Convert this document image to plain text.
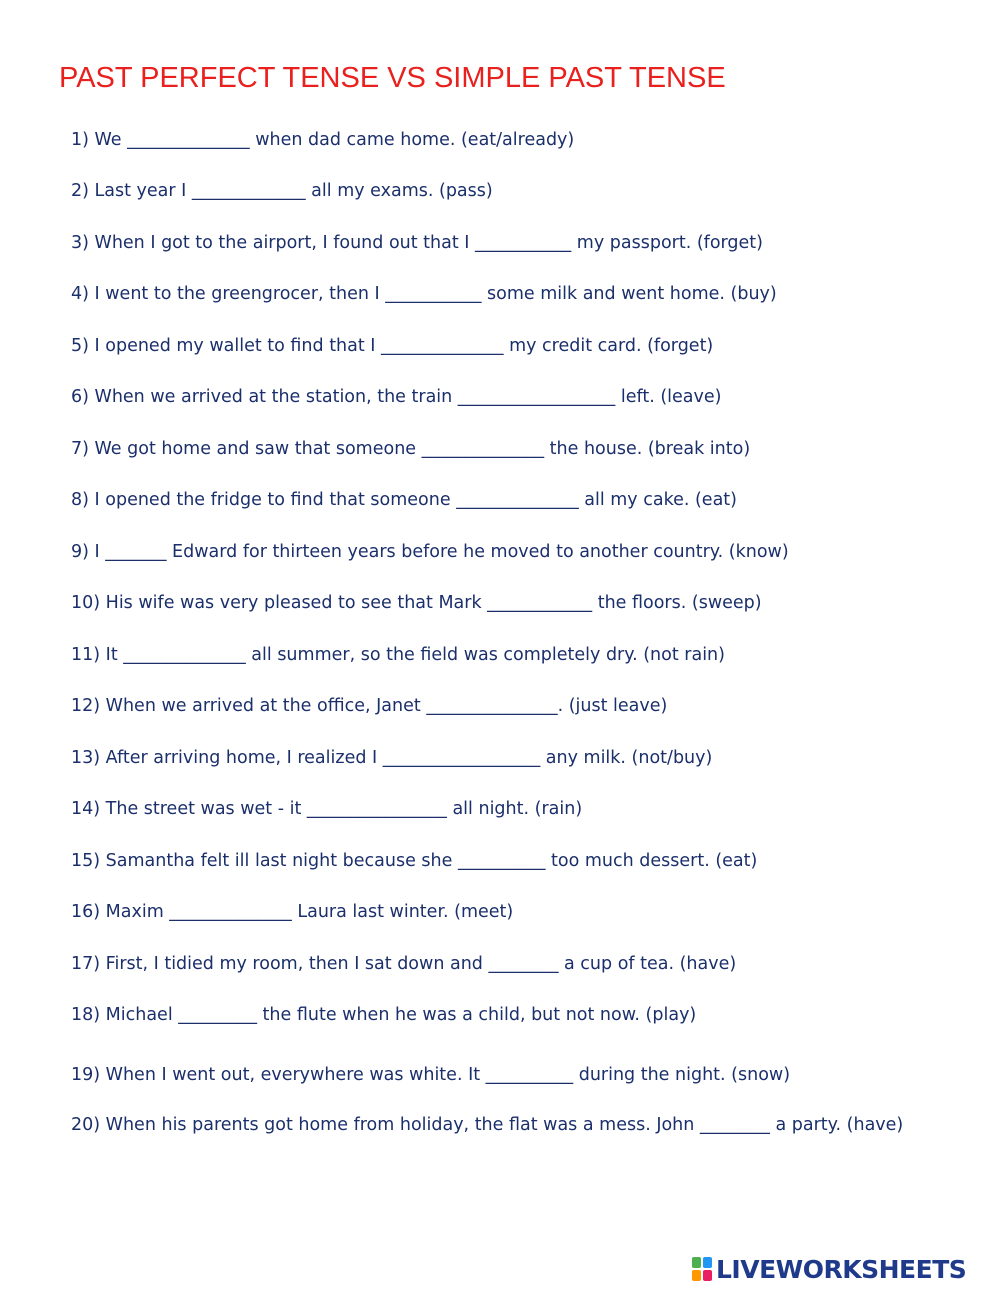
PAST PERFECT TENSE VS SIMPLE PAST TENSE

1) We ______________ when dad came home. (eat/already)

2) Last year I _____________ all my exams. (pass)

3) When I got to the airport, I found out that I ___________ my passport. (forget)

4) I went to the greengrocer, then I ___________ some milk and went home. (buy)

5) I opened my wallet to find that I ______________ my credit card. (forget)

6) When we arrived at the station, the train __________________ left. (leave)

7) We got home and saw that someone ______________ the house. (break into)

8) I opened the fridge to find that someone ______________ all my cake. (eat)

9) I _______ Edward for thirteen years before he moved to another country. (know)

10) His wife was very pleased to see that Mark ____________ the floors. (sweep)

11) It ______________ all summer, so the field was completely dry. (not rain)

12) When we arrived at the office, Janet _______________. (just leave)

13) After arriving home, I realized I __________________ any milk. (not/buy)

14) The street was wet - it ________________ all night. (rain)

15) Samantha felt ill last night because she __________ too much dessert. (eat)

16) Maxim ______________ Laura last winter. (meet)

17) First, I tidied my room, then I sat down and ________ a cup of tea. (have)

18) Michael _________ the flute when he was a child, but not now. (play)

19) When I went out, everywhere was white. It __________ during the night. (snow)

20) When his parents got home from holiday, the flat was a mess. John ________ a party. (have)

LIVEWORKSHEETS
